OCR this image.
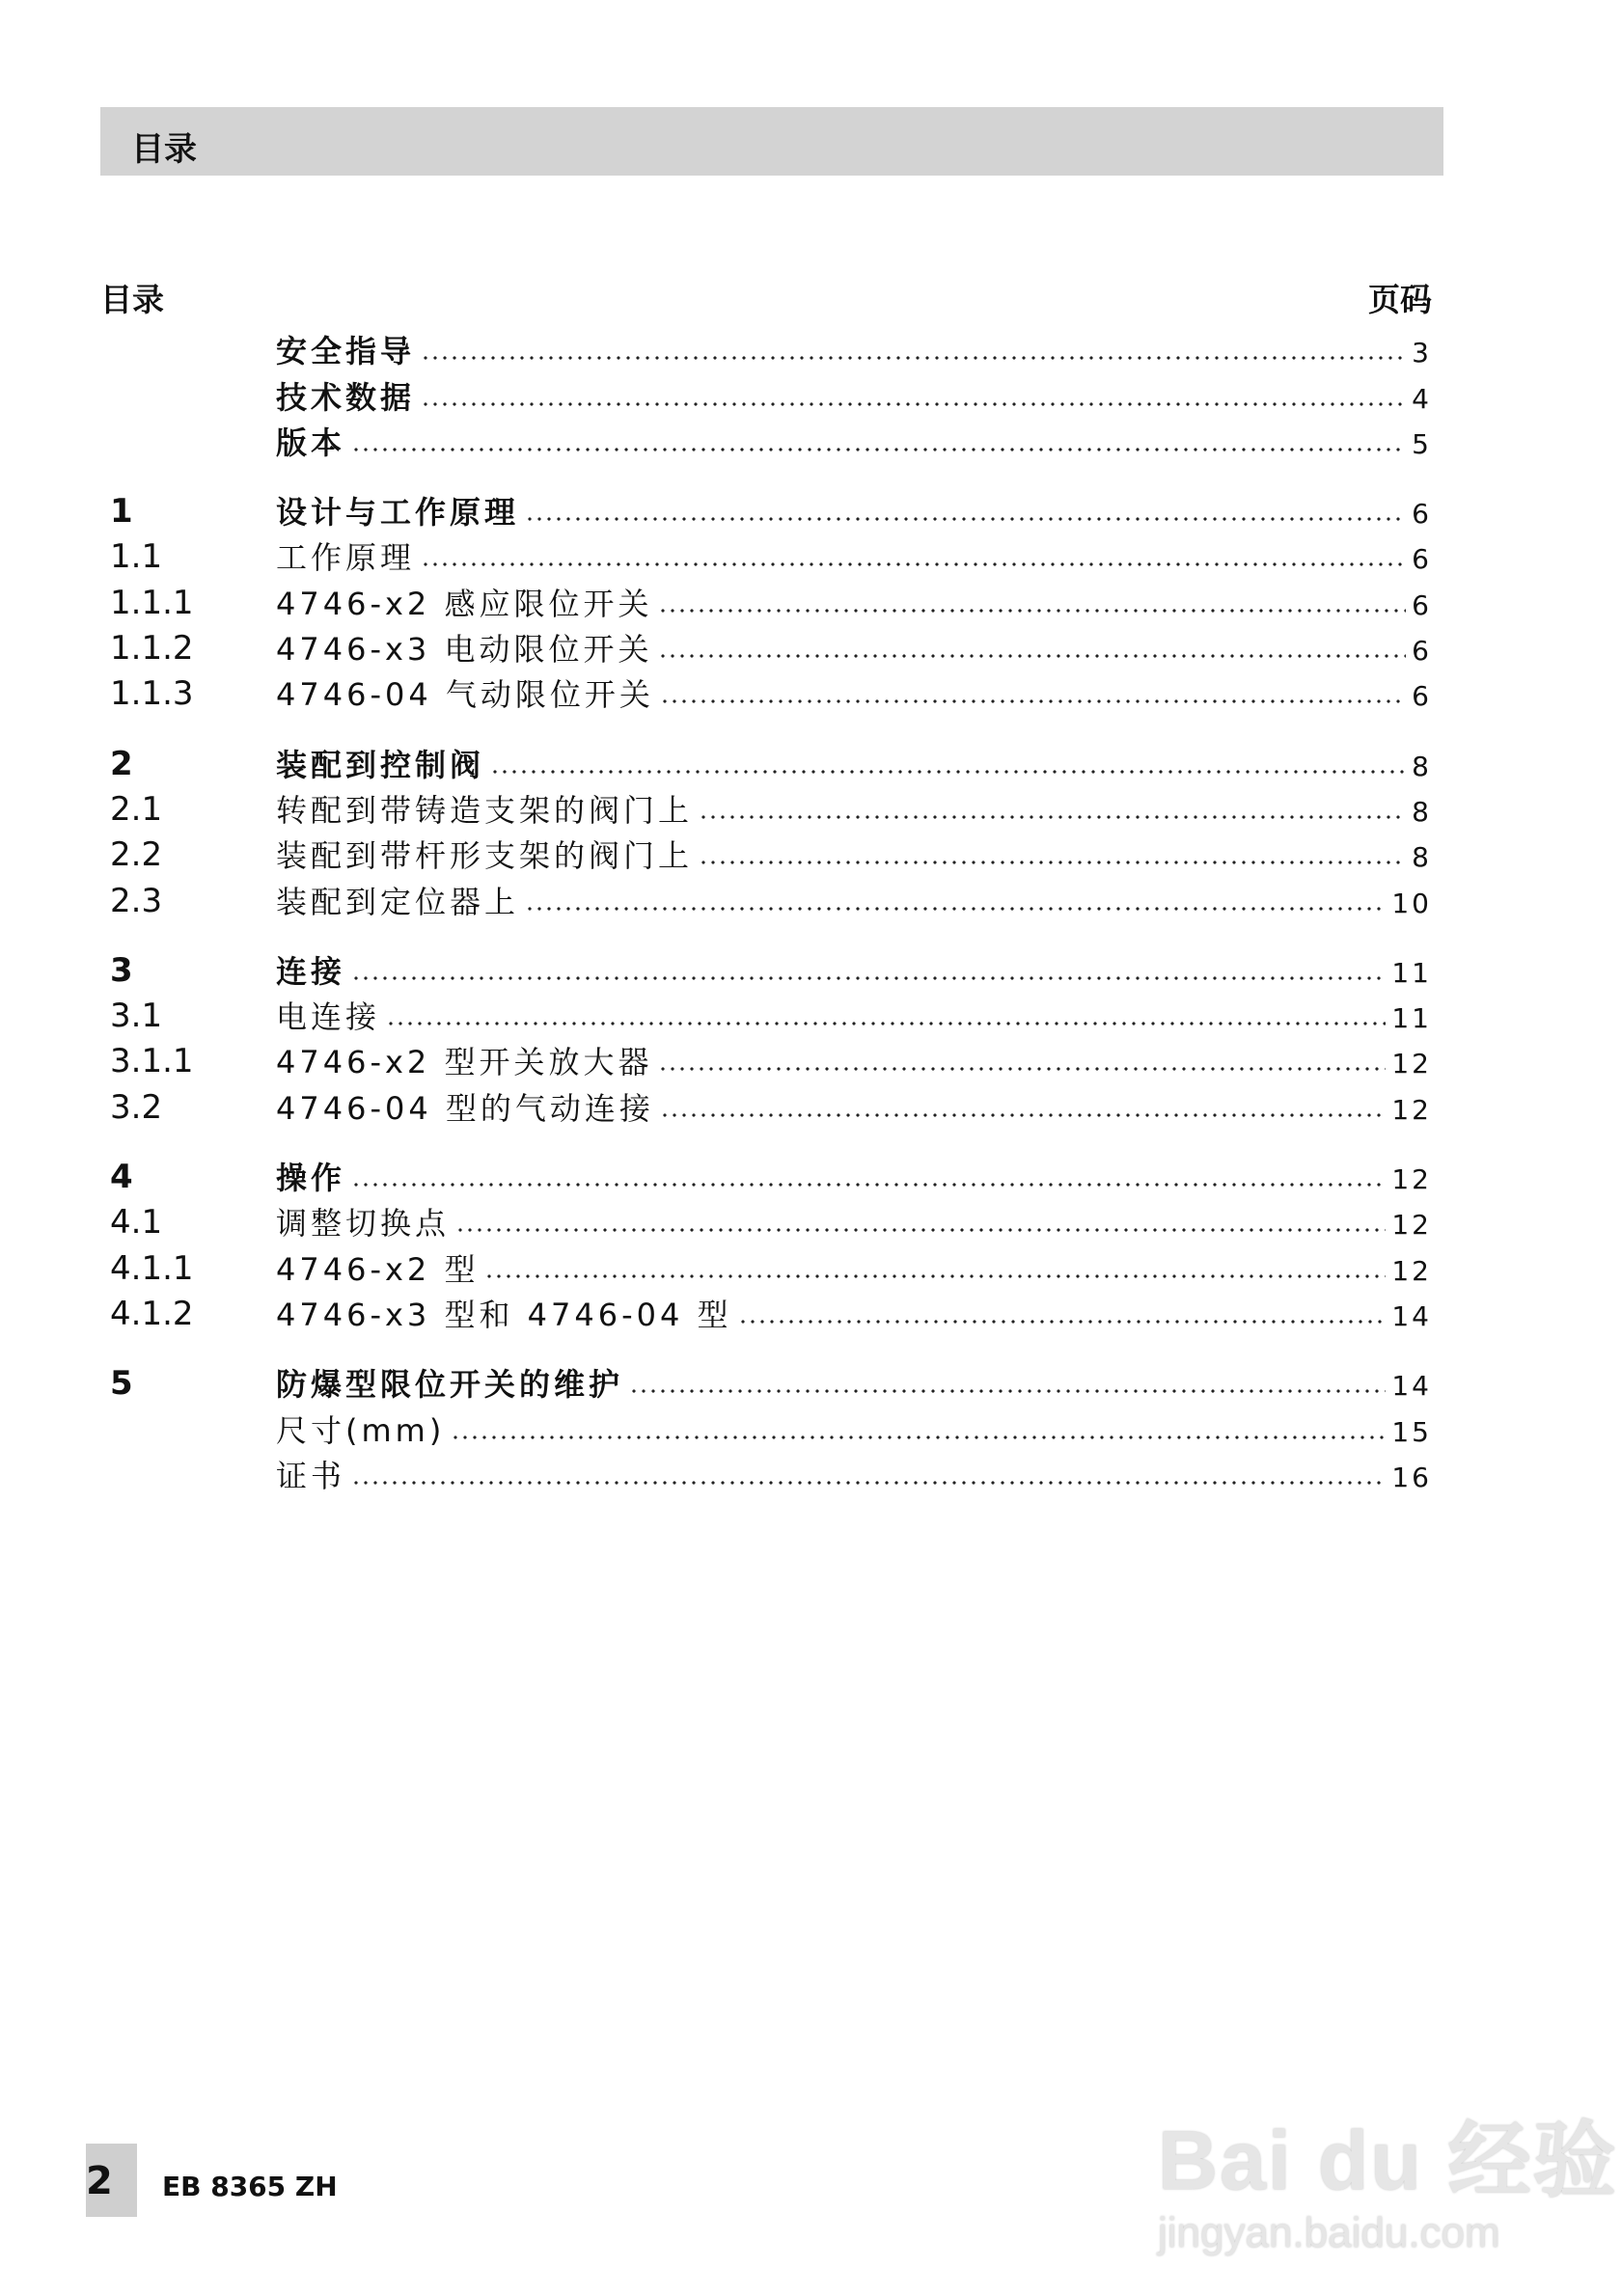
目录
目录	页码
安全指导	3
技术数据	4
版本	5
1	设计与工作原理	6
1.1	工作原理	6
1.1.1	4746-x2 感应限位开关	6
1.1.2	4746-x3 电动限位开关	6
1.1.3	4746-04 气动限位开关	6
2	装配到控制阀	8
2.1	转配到带铸造支架的阀门上	8
2.2	装配到带杆形支架的阀门上	8
2.3	装配到定位器上	10
3	连接	11
3.1	电连接	11
3.1.1	4746-x2 型开关放大器	12
3.2	4746-04 型的气动连接	12
4	操作	12
4.1	调整切换点	12
4.1.1	4746-x2 型	12
4.1.2	4746-x3 型和 4746-04 型	14
5	防爆型限位开关的维护	14
尺寸(mm)	15
证书	16
2 EB 8365 ZH	Bai du 经验
jingyan.baidu.com
